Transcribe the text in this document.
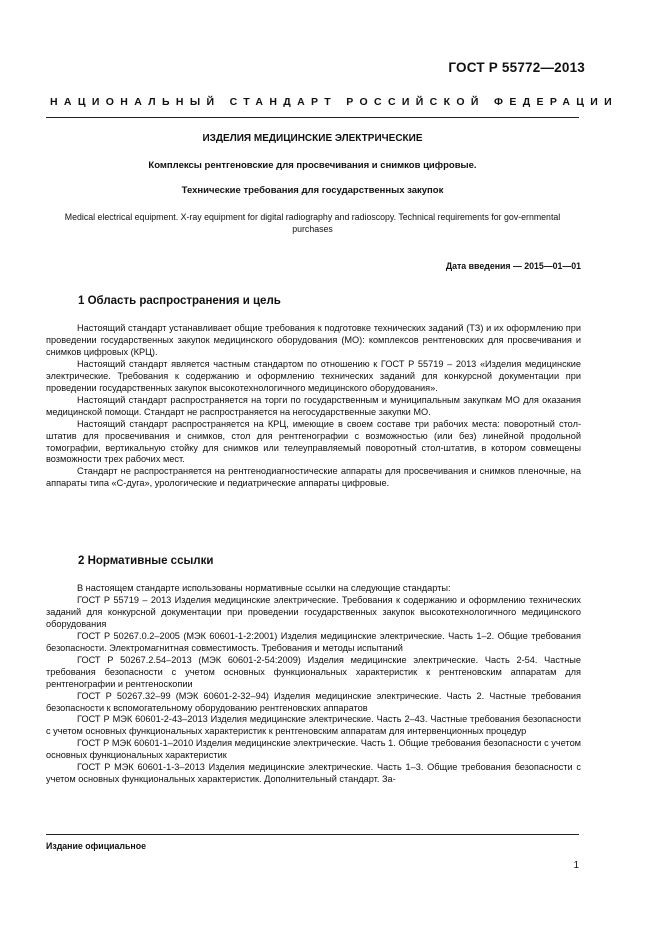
ГОСТ Р 55772—2013
НАЦИОНАЛЬНЫЙ СТАНДАРТ РОССИЙСКОЙ ФЕДЕРАЦИИ
ИЗДЕЛИЯ МЕДИЦИНСКИЕ ЭЛЕКТРИЧЕСКИЕ
Комплексы рентгеновские для просвечивания и снимков цифровые.
Технические требования для государственных закупок
Medical electrical equipment. X-ray equipment for digital radiography and radioscopy. Technical requirements for gov-ernmental purchases
Дата введения — 2015—01—01
1 Область распространения и цель

Настоящий стандарт устанавливает общие требования к подготовке технических заданий (ТЗ) и их оформлению при проведении государственных закупок медицинского оборудования (МО): комплексов рентгеновских для просвечивания и снимков цифровых (КРЦ).

Настоящий стандарт является частным стандартом по отношению к ГОСТ Р 55719 – 2013 «Изделия медицинские электрические. Требования к содержанию и оформлению технических заданий для конкурсной документации при проведении государственных закупок высокотехнологичного медицинского оборудования».

Настоящий стандарт распространяется на торги по государственным и муниципальным закупкам МО для оказания медицинской помощи. Стандарт не распространяется на негосударственные закупки МО.

Настоящий стандарт распространяется на КРЦ, имеющие в своем составе три рабочих места: поворотный стол-штатив для просвечивания и снимков, стол для рентгенографии с возможностью (или без) линейной продольной томографии, вертикальную стойку для снимков или телеуправляемый поворотный стол-штатив, в котором совмещены возможности трех рабочих мест.

Стандарт не распространяется на рентгенодиагностические аппараты для просвечивания и снимков пленочные, на аппараты типа «С-дуга», урологические и педиатрические аппараты цифровые.

2 Нормативные ссылки

В настоящем стандарте использованы нормативные ссылки на следующие стандарты:

ГОСТ Р 55719 – 2013 Изделия медицинские электрические. Требования к содержанию и оформлению технических заданий для конкурсной документации при проведении государственных закупок высокотехнологичного медицинского оборудования

ГОСТ Р 50267.0.2–2005 (МЭК 60601-1-2:2001) Изделия медицинские электрические. Часть 1–2. Общие требования безопасности. Электромагнитная совместимость. Требования и методы испытаний

ГОСТ Р 50267.2.54–2013 (МЭК 60601-2-54:2009) Изделия медицинские электрические. Часть 2-54. Частные требования безопасности с учетом основных функциональных характеристик к рентгеновским аппаратам для рентгенографии и рентгеноскопии

ГОСТ Р 50267.32–99 (МЭК 60601-2-32–94) Изделия медицинские электрические. Часть 2. Частные требования безопасности к вспомогательному оборудованию рентгеновских аппаратов

ГОСТ Р МЭК 60601-2-43–2013 Изделия медицинские электрические. Часть 2–43. Частные требования безопасности с учетом основных функциональных характеристик к рентгеновским аппаратам для интервенционных процедур

ГОСТ Р МЭК 60601-1–2010 Изделия медицинские электрические. Часть 1. Общие требования безопасности с учетом основных функциональных характеристик

ГОСТ Р МЭК 60601-1-3–2013 Изделия медицинские электрические. Часть 1–3. Общие требования безопасности с учетом основных функциональных характеристик. Дополнительный стандарт. За-

Издание официальное
1
